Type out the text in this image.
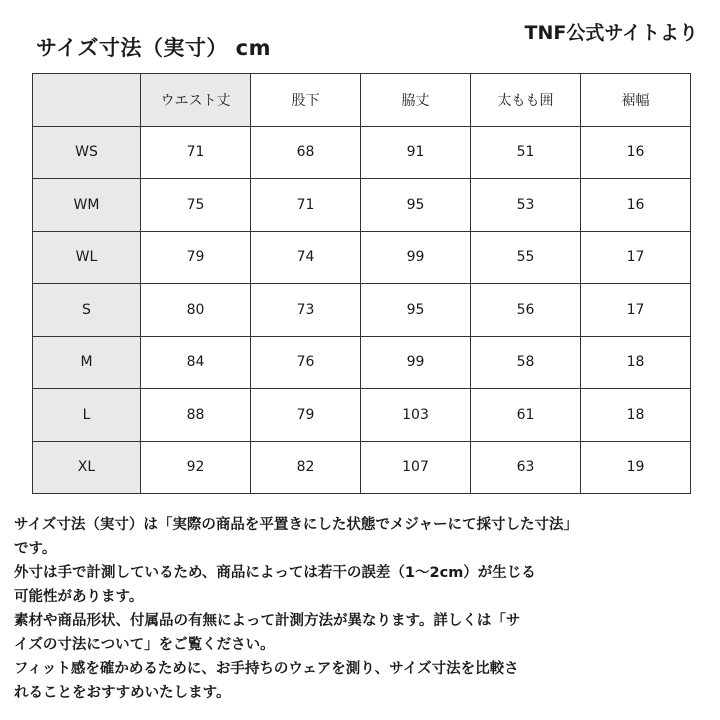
サイズ寸法（実寸） cm
TNF公式サイトより
	ウエスト丈	股下	脇丈	太もも囲	裾幅
WS	71	68	91	51	16
WM	75	71	95	53	16
WL	79	74	99	55	17
S	80	73	95	56	17
M	84	76	99	58	18
L	88	79	103	61	18
XL	92	82	107	63	19
サイズ寸法（実寸）は「実際の商品を平置きにした状態でメジャーにて採寸した寸法」
です。
外寸は手で計測しているため、商品によっては若干の誤差（1～2cm）が生じる
可能性があります。
素材や商品形状、付属品の有無によって計測方法が異なります。詳しくは「サ
イズの寸法について」をご覧ください。
フィット感を確かめるために、お手持ちのウェアを測り、サイズ寸法を比較さ
れることをおすすめいたします。
